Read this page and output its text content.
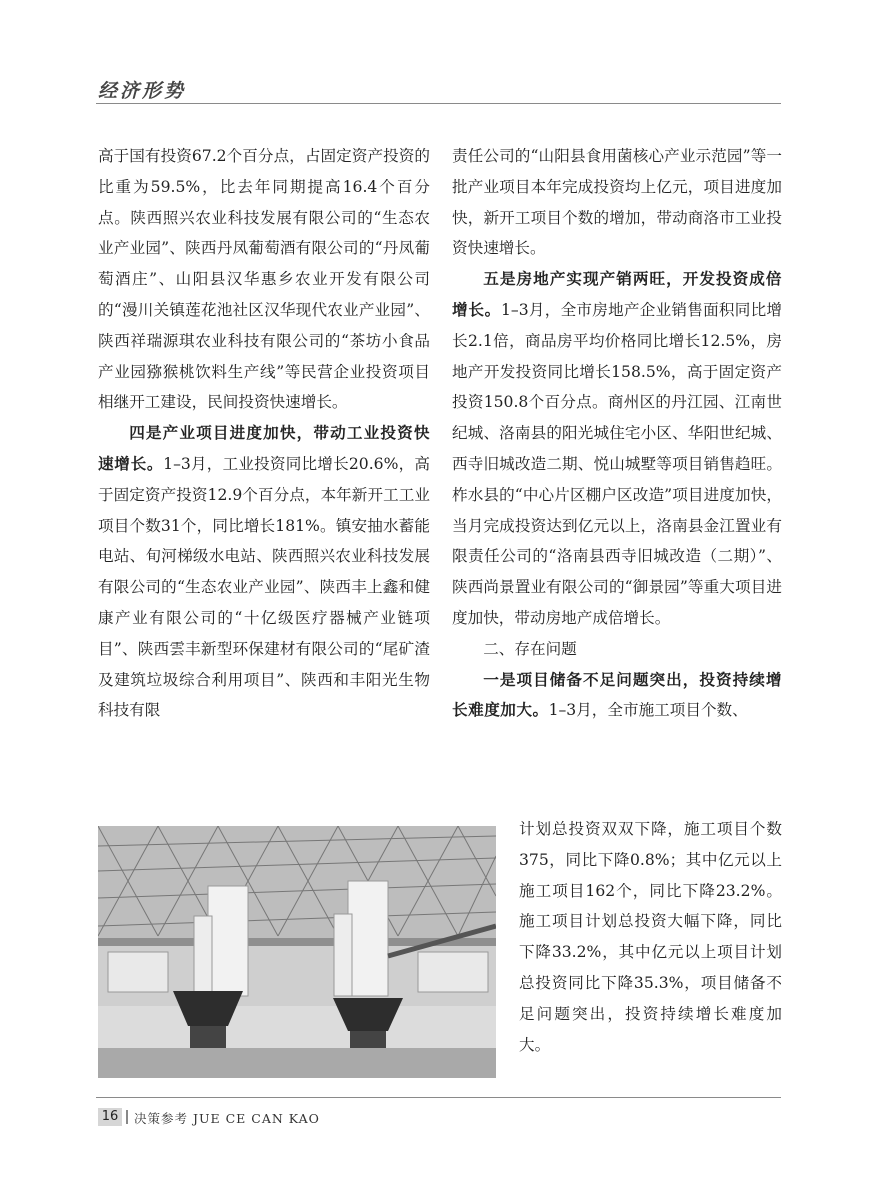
经济形势

高于国有投资67.2个百分点，占固定资产投资的比重为59.5%，比去年同期提高16.4个百分点。陕西照兴农业科技发展有限公司的“生态农业产业园”、陕西丹凤葡萄酒有限公司的“丹凤葡萄酒庄”、山阳县汉华惠乡农业开发有限公司的“漫川关镇莲花池社区汉华现代农业产业园”、陕西祥瑞源琪农业科技有限公司的“茶坊小食品产业园猕猴桃饮料生产线”等民营企业投资项目相继开工建设，民间投资快速增长。

四是产业项目进度加快，带动工业投资快速增长。1–3月，工业投资同比增长20.6%，高于固定资产投资12.9个百分点，本年新开工工业项目个数31个，同比增长181%。镇安抽水蓄能电站、旬河梯级水电站、陕西照兴农业科技发展有限公司的“生态农业产业园”、陕西丰上鑫和健康产业有限公司的“十亿级医疗器械产业链项目”、陕西雲丰新型环保建材有限公司的“尾矿渣及建筑垃圾综合利用项目”、陕西和丰阳光生物科技有限

责任公司的“山阳县食用菌核心产业示范园”等一批产业项目本年完成投资均上亿元，项目进度加快，新开工项目个数的增加，带动商洛市工业投资快速增长。

五是房地产实现产销两旺，开发投资成倍增长。1–3月，全市房地产企业销售面积同比增长2.1倍，商品房平均价格同比增长12.5%，房地产开发投资同比增长158.5%，高于固定资产投资150.8个百分点。商州区的丹江园、江南世纪城、洛南县的阳光城住宅小区、华阳世纪城、西寺旧城改造二期、悦山城墅等项目销售趋旺。柞水县的“中心片区棚户区改造”项目进度加快，当月完成投资达到亿元以上，洛南县金江置业有限责任公司的“洛南县西寺旧城改造（二期）”、陕西尚景置业有限公司的“御景园”等重大项目进度加快，带动房地产成倍增长。

二、存在问题

一是项目储备不足问题突出，投资持续增长难度加大。1–3月，全市施工项目个数、

计划总投资双双下降，施工项目个数375，同比下降0.8%；其中亿元以上施工项目162个，同比下降23.2%。施工项目计划总投资大幅下降，同比下降33.2%，其中亿元以上项目计划总投资同比下降35.3%，项目储备不足问题突出，投资持续增长难度加大。

16 决策参考 JUE CE CAN KAO
